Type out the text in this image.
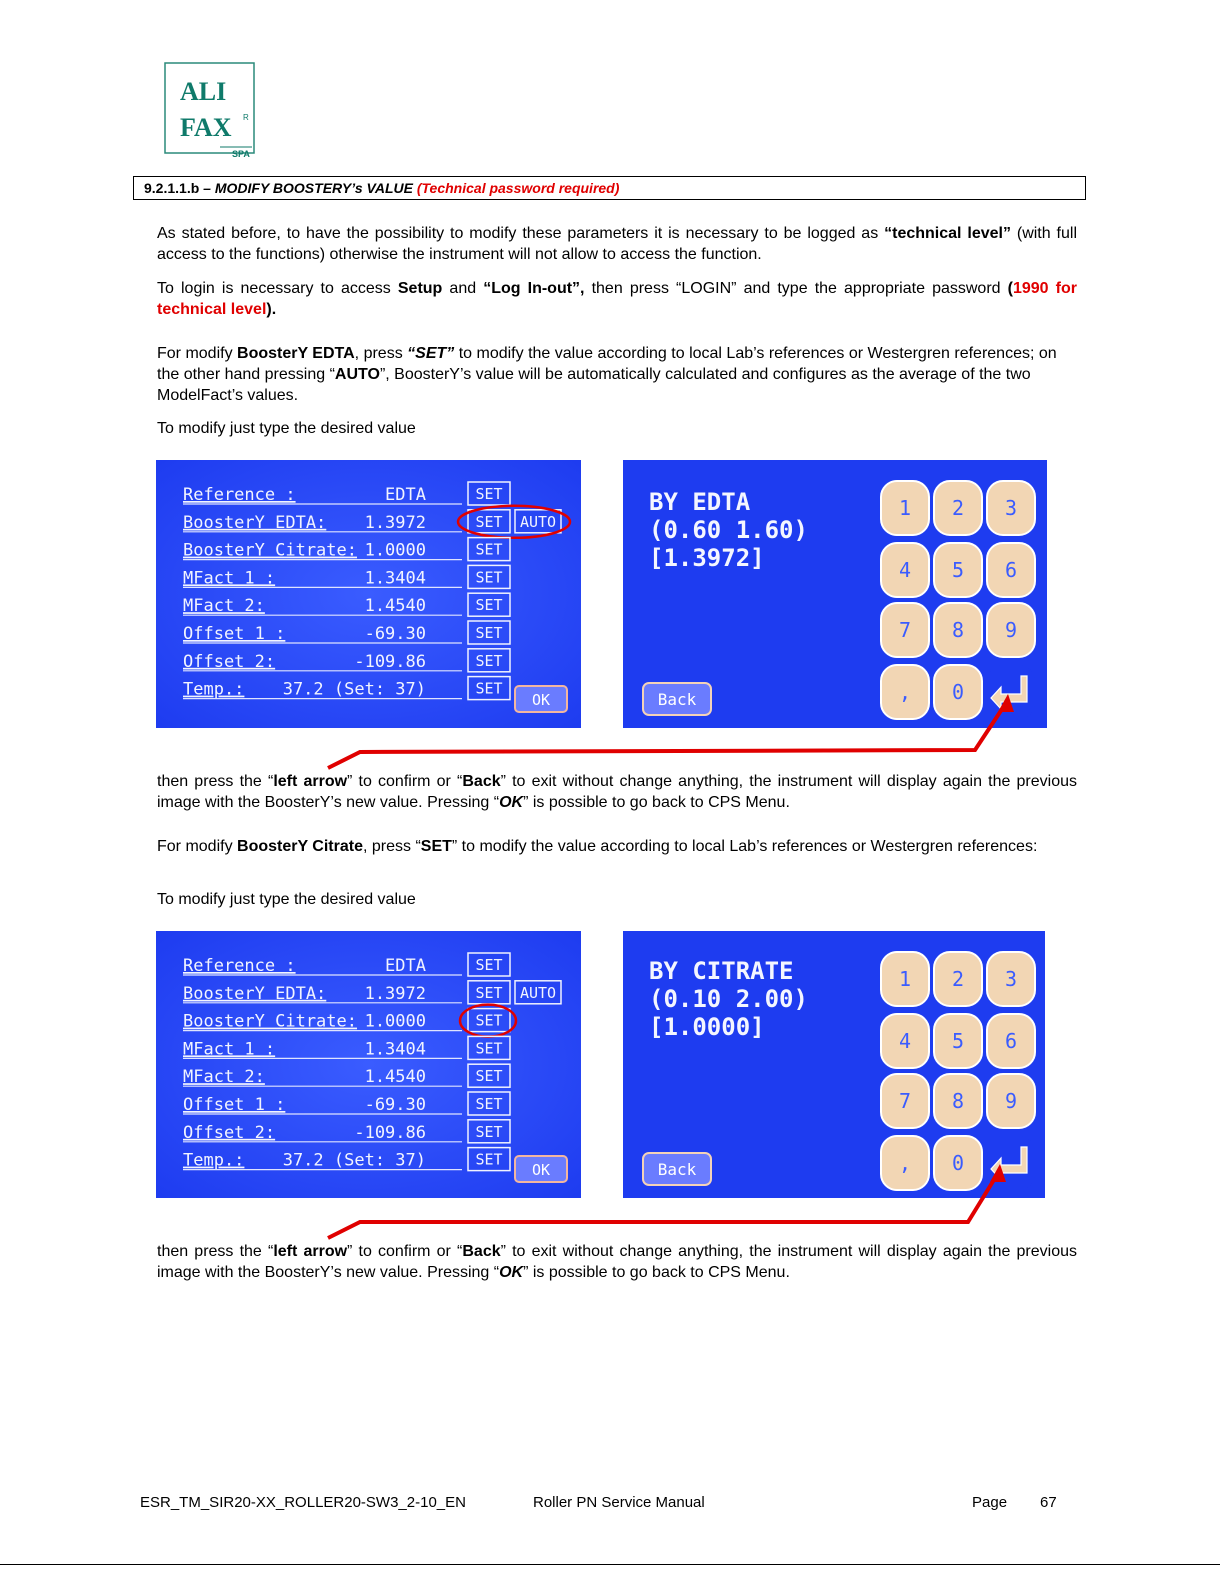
ALI
FAX R
SPA
9.2.1.1.b – MODIFY BOOSTERY’s VALUE (Technical password required)
As stated before, to have the possibility to modify these parameters it is necessary to be logged as “technical level” (with full access to the functions) otherwise the instrument will not allow to access the function.
To login is necessary to access Setup and “Log In-out”, then press “LOGIN” and type the appropriate password (1990 for technical level).
For modify BoosterY EDTA, press “SET” to modify the value according to local Lab’s references or Westergren references; on the other hand pressing “AUTO”, BoosterY’s value will be automatically calculated and configures as the average of the two ModelFact’s values.
To modify just type the desired value
Reference :	EDTA	SET
BoosterY EDTA: 1.3972	SET AUTO
BoosterY Citrate: 1.0000	SET
MFact 1 :	1.3404	SET
MFact 2:	1.4540	SET
Offset 1 :	-69.30	SET
Offset 2:	-109.86	SET
Temp.: 37.2 (Set: 37)	SET
OK
BY EDTA
(0.60 1.60)
[1.3972]
1 2 3
4 5 6
7 8 9
, 0
Back
then press the “left arrow” to confirm or “Back” to exit without change anything, the instrument will display again the previous image with the BoosterY’s new value. Pressing “OK” is possible to go back to CPS Menu.
For modify BoosterY Citrate, press “SET” to modify the value according to local Lab’s references or Westergren references:
To modify just type the desired value
Reference :	EDTA	SET
BoosterY EDTA: 1.3972	SET AUTO
BoosterY Citrate: 1.0000	SET
MFact 1 :	1.3404	SET
MFact 2:	1.4540	SET
Offset 1 :	-69.30	SET
Offset 2:	-109.86	SET
Temp.: 37.2 (Set: 37)	SET
OK
BY CITRATE
(0.10 2.00)
[1.0000]
1 2 3
4 5 6
7 8 9
, 0
Back
then press the “left arrow” to confirm or “Back” to exit without change anything, the instrument will display again the previous image with the BoosterY’s new value. Pressing “OK” is possible to go back to CPS Menu.
ESR_TM_SIR20-XX_ROLLER20-SW3_2-10_EN	Roller PN Service Manual	Page 67
